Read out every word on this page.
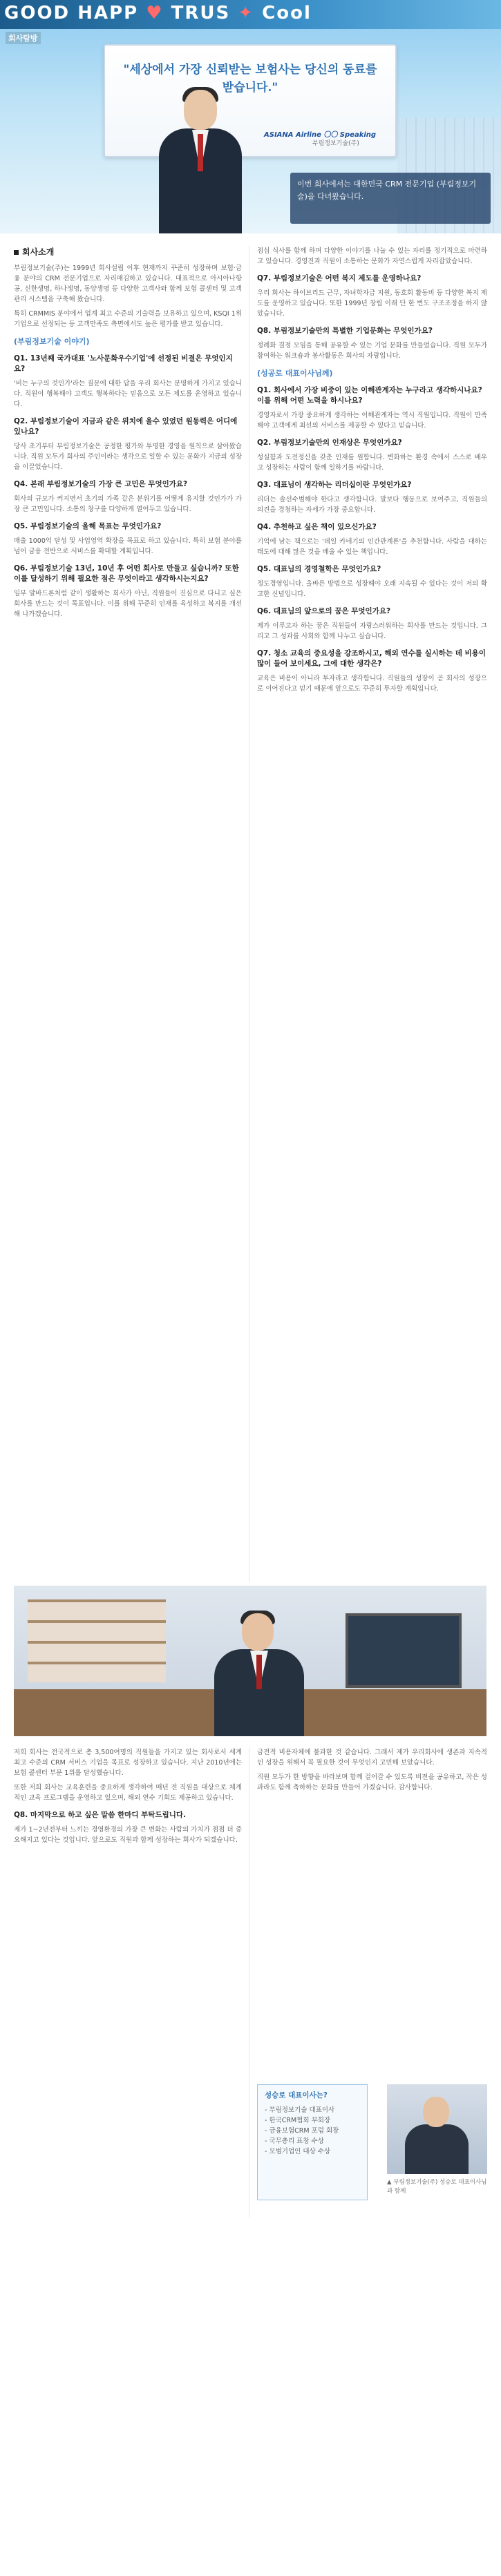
GOOD HAPP ♥ TRUS ✦ Cool
회사탐방
"세상에서 가장 신뢰받는 보험사는 당신의 동료를 받습니다."
ASIANA Airline 〇〇 Speaking
부림정보기술(주)
이번 회사에서는 대한민국 CRM 전문기업 (부림정보기술)을 다녀왔습니다.
회사소개

부림정보기술(주)는 1999년 회사설립 이후 현재까지 꾸준히 성장하며 보험·금융 분야의 CRM 전문기업으로 자리매김하고 있습니다. 대표적으로 아시아나항공, 신한생명, 하나생명, 동양생명 등 다양한 고객사와 함께 보험 콜센터 및 고객관리 시스템을 구축해 왔습니다.

특히 CRMMIS 분야에서 업계 최고 수준의 기술력을 보유하고 있으며, KSQI 1위 기업으로 선정되는 등 고객만족도 측면에서도 높은 평가를 받고 있습니다.

(부림정보기술 이야기)
Q1. 13년째 국가대표 '노사문화우수기업'에 선정된 비결은 무엇인지요?

'비는 누구의 것인가'라는 질문에 대한 답을 우리 회사는 분명하게 가지고 있습니다. 직원이 행복해야 고객도 행복하다는 믿음으로 모든 제도를 운영하고 있습니다.

Q2. 부림정보기술이 지금과 같은 위치에 올수 있었던 원동력은 어디에 있나요?

당사 초기부터 부림정보기술은 공정한 평가와 투명한 경영을 원칙으로 삼아왔습니다. 직원 모두가 회사의 주인이라는 생각으로 일할 수 있는 문화가 지금의 성장을 이끌었습니다.

Q4. 본래 부림정보기술의 가장 큰 고민은 무엇인가요?

회사의 규모가 커지면서 초기의 가족 같은 분위기를 어떻게 유지할 것인가가 가장 큰 고민입니다. 소통의 창구를 다양하게 열어두고 있습니다.

Q5. 부림정보기술의 올해 목표는 무엇인가요?

매출 1000억 달성 및 사업영역 확장을 목표로 하고 있습니다. 특히 보험 분야를 넘어 금융 전반으로 서비스를 확대할 계획입니다.

Q6. 부림정보기술 13년, 10년 후 어떤 회사로 만들고 싶습니까? 또한 이를 달성하기 위해 필요한 점은 무엇이라고 생각하시는지요?

일부 알바드론처럼 같이 생활하는 회사가 아닌, 직원들이 진심으로 다니고 싶은 회사를 만드는 것이 목표입니다. 이를 위해 꾸준히 인재를 육성하고 복지를 개선해 나가겠습니다.

점심 식사를 함께 하며 다양한 이야기를 나눌 수 있는 자리를 정기적으로 마련하고 있습니다. 경영진과 직원이 소통하는 문화가 자연스럽게 자리잡았습니다.

Q7. 부림정보기술은 어떤 복지 제도를 운영하나요?

우리 회사는 하이브리드 근무, 자녀학자금 지원, 동호회 활동비 등 다양한 복지 제도를 운영하고 있습니다. 또한 1999년 창립 이래 단 한 번도 구조조정을 하지 않았습니다.

Q8. 부림정보기술만의 특별한 기업문화는 무엇인가요?

정례화 결정 모임을 통해 공유할 수 있는 기업 문화를 만들었습니다. 직원 모두가 참여하는 워크숍과 봉사활동은 회사의 자랑입니다.

(성공로 대표이사님께)
Q1. 회사에서 가장 비중이 있는 이해관계자는 누구라고 생각하시나요? 이를 위해 어떤 노력을 하시나요?

경영자로서 가장 중요하게 생각하는 이해관계자는 역시 직원입니다. 직원이 만족해야 고객에게 최선의 서비스를 제공할 수 있다고 믿습니다.

Q2. 부림정보기술만의 인재상은 무엇인가요?

성실함과 도전정신을 갖춘 인재를 원합니다. 변화하는 환경 속에서 스스로 배우고 성장하는 사람이 함께 일하기를 바랍니다.

Q3. 대표님이 생각하는 리더십이란 무엇인가요?

리더는 솔선수범해야 한다고 생각합니다. 말보다 행동으로 보여주고, 직원들의 의견을 경청하는 자세가 가장 중요합니다.

Q4. 추천하고 싶은 책이 있으신가요?

기억에 남는 책으로는 '데일 카네기의 인간관계론'을 추천합니다. 사람을 대하는 태도에 대해 많은 것을 배울 수 있는 책입니다.

Q5. 대표님의 경영철학은 무엇인가요?

정도경영입니다. 올바른 방법으로 성장해야 오래 지속될 수 있다는 것이 저의 확고한 신념입니다.

Q6. 대표님의 앞으로의 꿈은 무엇인가요?

제가 이루고자 하는 꿈은 직원들이 자랑스러워하는 회사를 만드는 것입니다. 그리고 그 성과를 사회와 함께 나누고 싶습니다.

Q7. 청소 교육의 중요성을 강조하시고, 해외 연수를 실시하는 데 비용이 많이 들어 보이세요, 그에 대한 생각은?

교육은 비용이 아니라 투자라고 생각합니다. 직원들의 성장이 곧 회사의 성장으로 이어진다고 믿기 때문에 앞으로도 꾸준히 투자할 계획입니다.

저희 회사는 전국적으로 총 3,500여명의 직원들을 가지고 있는 회사로서 세계 최고 수준의 CRM 서비스 기업을 목표로 성장하고 있습니다. 지난 2010년에는 보험 콜센터 부문 1위를 달성했습니다.

또한 저희 회사는 교육훈련을 중요하게 생각하여 매년 전 직원을 대상으로 체계적인 교육 프로그램을 운영하고 있으며, 해외 연수 기회도 제공하고 있습니다.

Q8. 마지막으로 하고 싶은 말씀 한마디 부탁드립니다.

제가 1~2년전부터 느끼는 경영환경의 가장 큰 변화는 사람의 가치가 점점 더 중요해지고 있다는 것입니다. 앞으로도 직원과 함께 성장하는 회사가 되겠습니다.

금전적 비용자체에 불과한 것 같습니다. 그래서 제가 우리회사에 생존과 지속적인 성장을 위해서 꼭 필요한 것이 무엇인지 고민해 보았습니다.

직원 모두가 한 방향을 바라보며 함께 걸어갈 수 있도록 비전을 공유하고, 작은 성과라도 함께 축하하는 문화를 만들어 가겠습니다. 감사합니다.

성승로 대표이사는?
- 부림정보기술 대표이사
- 한국CRM협회 부회장
- 금융보험CRM 포럼 회장
- 국무총리 표창 수상
- 모범기업인 대상 수상
▲ 부림정보기술(주) 성승로 대표이사님과 함께
